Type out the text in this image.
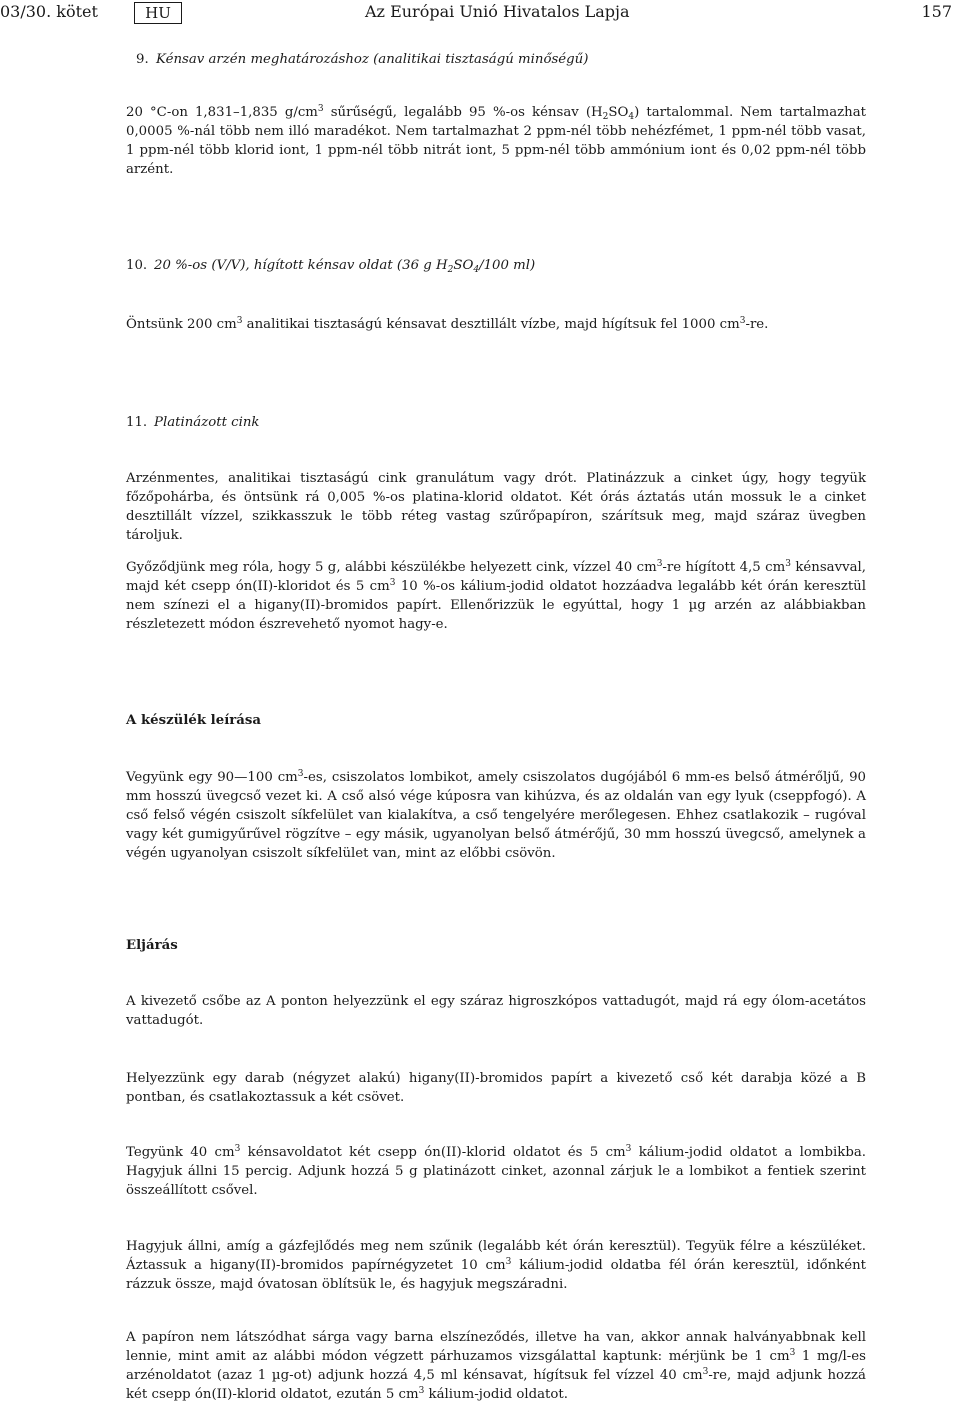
03/30. kötet	HU	Az Európai Unió Hivatalos Lapja	157
9. Kénsav arzén meghatározáshoz (analitikai tisztaságú minőségű)
20 °C-on 1,831–1,835 $g/cm^3$ sűrűségű, legalább 95 %-os kénsav $(H_2SO_4)$ tartalommal. Nem tartalmazhat 0,0005 %-nál több nem illó maradékot. Nem tartalmazhat 2 ppm-nél több nehézfémet, 1 ppm-nél több vasat, 1 ppm-nél több klorid iont, 1 ppm-nél több nitrát iont, 5 ppm-nél több ammónium iont és 0,02 ppm-nél több arzént.
10. 20 %-os (V/V), hígított kénsav oldat (36 g $H_2SO_4/100$ ml)
Öntsünk 200 $cm^3$ analitikai tisztaságú kénsavat desztillált vízbe, majd hígítsuk fel 1000 $cm^3-re$.
11. Platinázott cink
Arzénmentes, analitikai tisztaságú cink granulátum vagy drót. Platinázzuk a cinket úgy, hogy tegyük főzőpohárba, és öntsünk rá 0,005 %-os platina-klorid oldatot. Két órás áztatás után mossuk le a cinket desztillált vízzel, szikkasszuk le több réteg vastag szűrőpapíron, szárítsuk meg, majd száraz üvegben tároljuk.
Győződjünk meg róla, hogy 5 g, alábbi készülékbe helyezett cink, vízzel 40 $cm^3-re$ hígított 4,5 $cm^3$ kénsavval, majd két csepp ón(II)-kloridot és 5 $cm^3$ 10 %-os kálium-jodid oldatot hozzáadva legalább két órán keresztül nem színezi el a higany(II)-bromidos papírt. Ellenőrizzük le egyúttal, hogy 1 µg arzén az alábbiakban részletezett módon észrevehető nyomot hagy-e.
A készülék leírása
Vegyünk egy 90—100 $cm^3-es$, csiszolatos lombikot, amely csiszolatos dugójából 6 mm-es belső átmérőljű, 90 mm hosszú üvegcső vezet ki. A cső alsó vége kúposra van kihúzva, és az oldalán van egy lyuk (cseppfogó). A cső felső végén csiszolt síkfelület van kialakítva, a cső tengelyére merőlegesen. Ehhez csatlakozik – rugóval vagy két gumigyűrűvel rögzítve – egy másik, ugyanolyan belső átmérőjű, 30 mm hosszú üvegcső, amelynek a végén ugyanolyan csiszolt síkfelület van, mint az előbbi csövön.
Eljárás
A kivezető csőbe az A ponton helyezzünk el egy száraz higroszkópos vattadugót, majd rá egy ólom-acetátos vattadugót.
Helyezzünk egy darab (négyzet alakú) higany(II)-bromidos papírt a kivezető cső két darabja közé a B pontban, és csatlakoztassuk a két csövet.
Tegyünk 40 $cm^3$ kénsavoldatot két csepp ón(II)-klorid oldatot és 5 $cm^3$ kálium-jodid oldatot a lombikba. Hagyjuk állni 15 percig. Adjunk hozzá 5 g platinázott cinket, azonnal zárjuk le a lombikot a fentiek szerint összeállított csővel.
Hagyjuk állni, amíg a gázfejlődés meg nem szűnik (legalább két órán keresztül). Tegyük félre a készüléket. Áztassuk a higany(II)-bromidos papírnégyzetet 10 $cm^3$ kálium-jodid oldatba fél órán keresztül, időnként rázzuk össze, majd óvatosan öblítsük le, és hagyjuk megszáradni.
A papíron nem látszódhat sárga vagy barna elszíneződés, illetve ha van, akkor annak halványabbnak kell lennie, mint amit az alábbi módon végzett párhuzamos vizsgálattal kaptunk: mérjünk be 1 $cm^3$ 1 mg/l-es arzénoldatot (azaz 1 µg-ot) adjunk hozzá 4,5 ml kénsavat, hígítsuk fel vízzel 40 $cm^3-re$, majd adjunk hozzá két csepp ón(II)-klorid oldatot, ezután 5 $cm^3$ kálium-jodid oldatot.
